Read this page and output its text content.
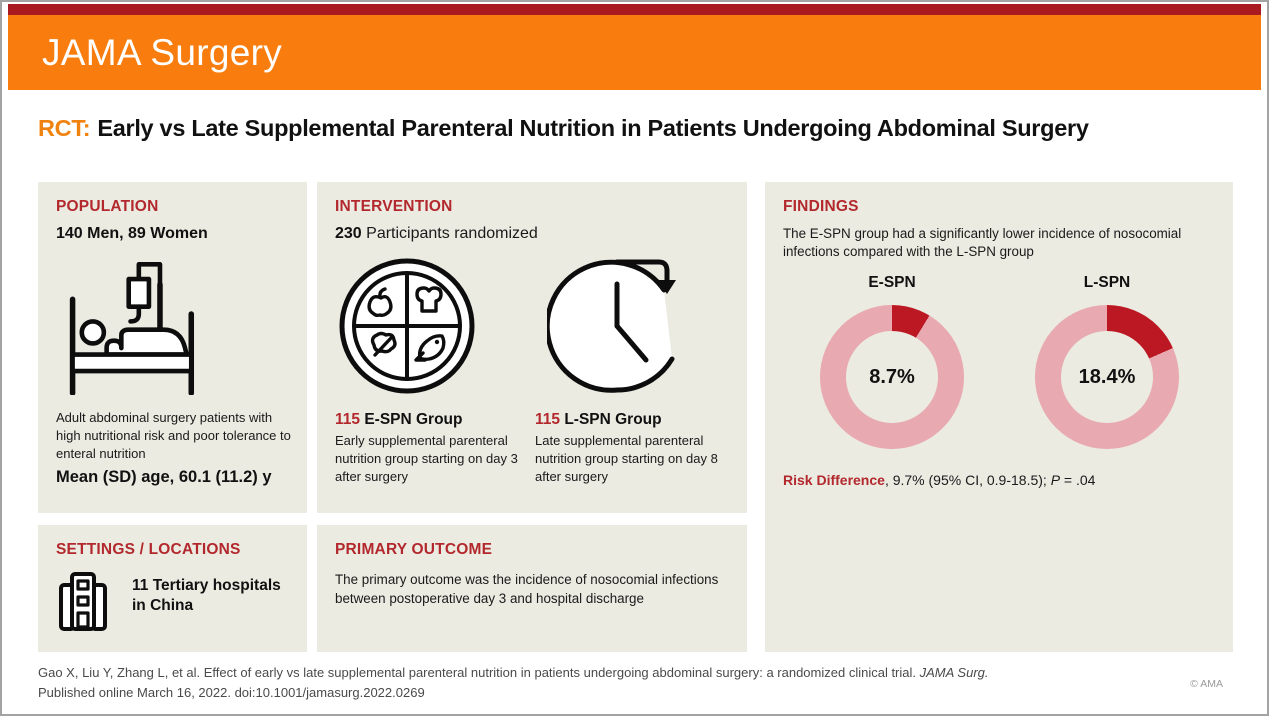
JAMA Surgery
RCT: Early vs Late Supplemental Parenteral Nutrition in Patients Undergoing Abdominal Surgery
POPULATION
140 Men, 89 Women
Adult abdominal surgery patients with high nutritional risk and poor tolerance to enteral nutrition
Mean (SD) age, 60.1 (11.2) y
SETTINGS / LOCATIONS
11 Tertiary hospitals in China
INTERVENTION
230 Participants randomized
115 E-SPN Group
Early supplemental parenteral nutrition group starting on day 3 after surgery
115 L-SPN Group
Late supplemental parenteral nutrition group starting on day 8 after surgery
PRIMARY OUTCOME
The primary outcome was the incidence of nosocomial infections between postoperative day 3 and hospital discharge
FINDINGS
The E-SPN group had a significantly lower incidence of nosocomial infections compared with the L-SPN group
E-SPN
8.7%
L-SPN
18.4%
Risk Difference, 9.7% (95% CI, 0.9-18.5); P = .04
Gao X, Liu Y, Zhang L, et al. Effect of early vs late supplemental parenteral nutrition in patients undergoing abdominal surgery: a randomized clinical trial. JAMA Surg.
Published online March 16, 2022. doi:10.1001/jamasurg.2022.0269
© AMA
